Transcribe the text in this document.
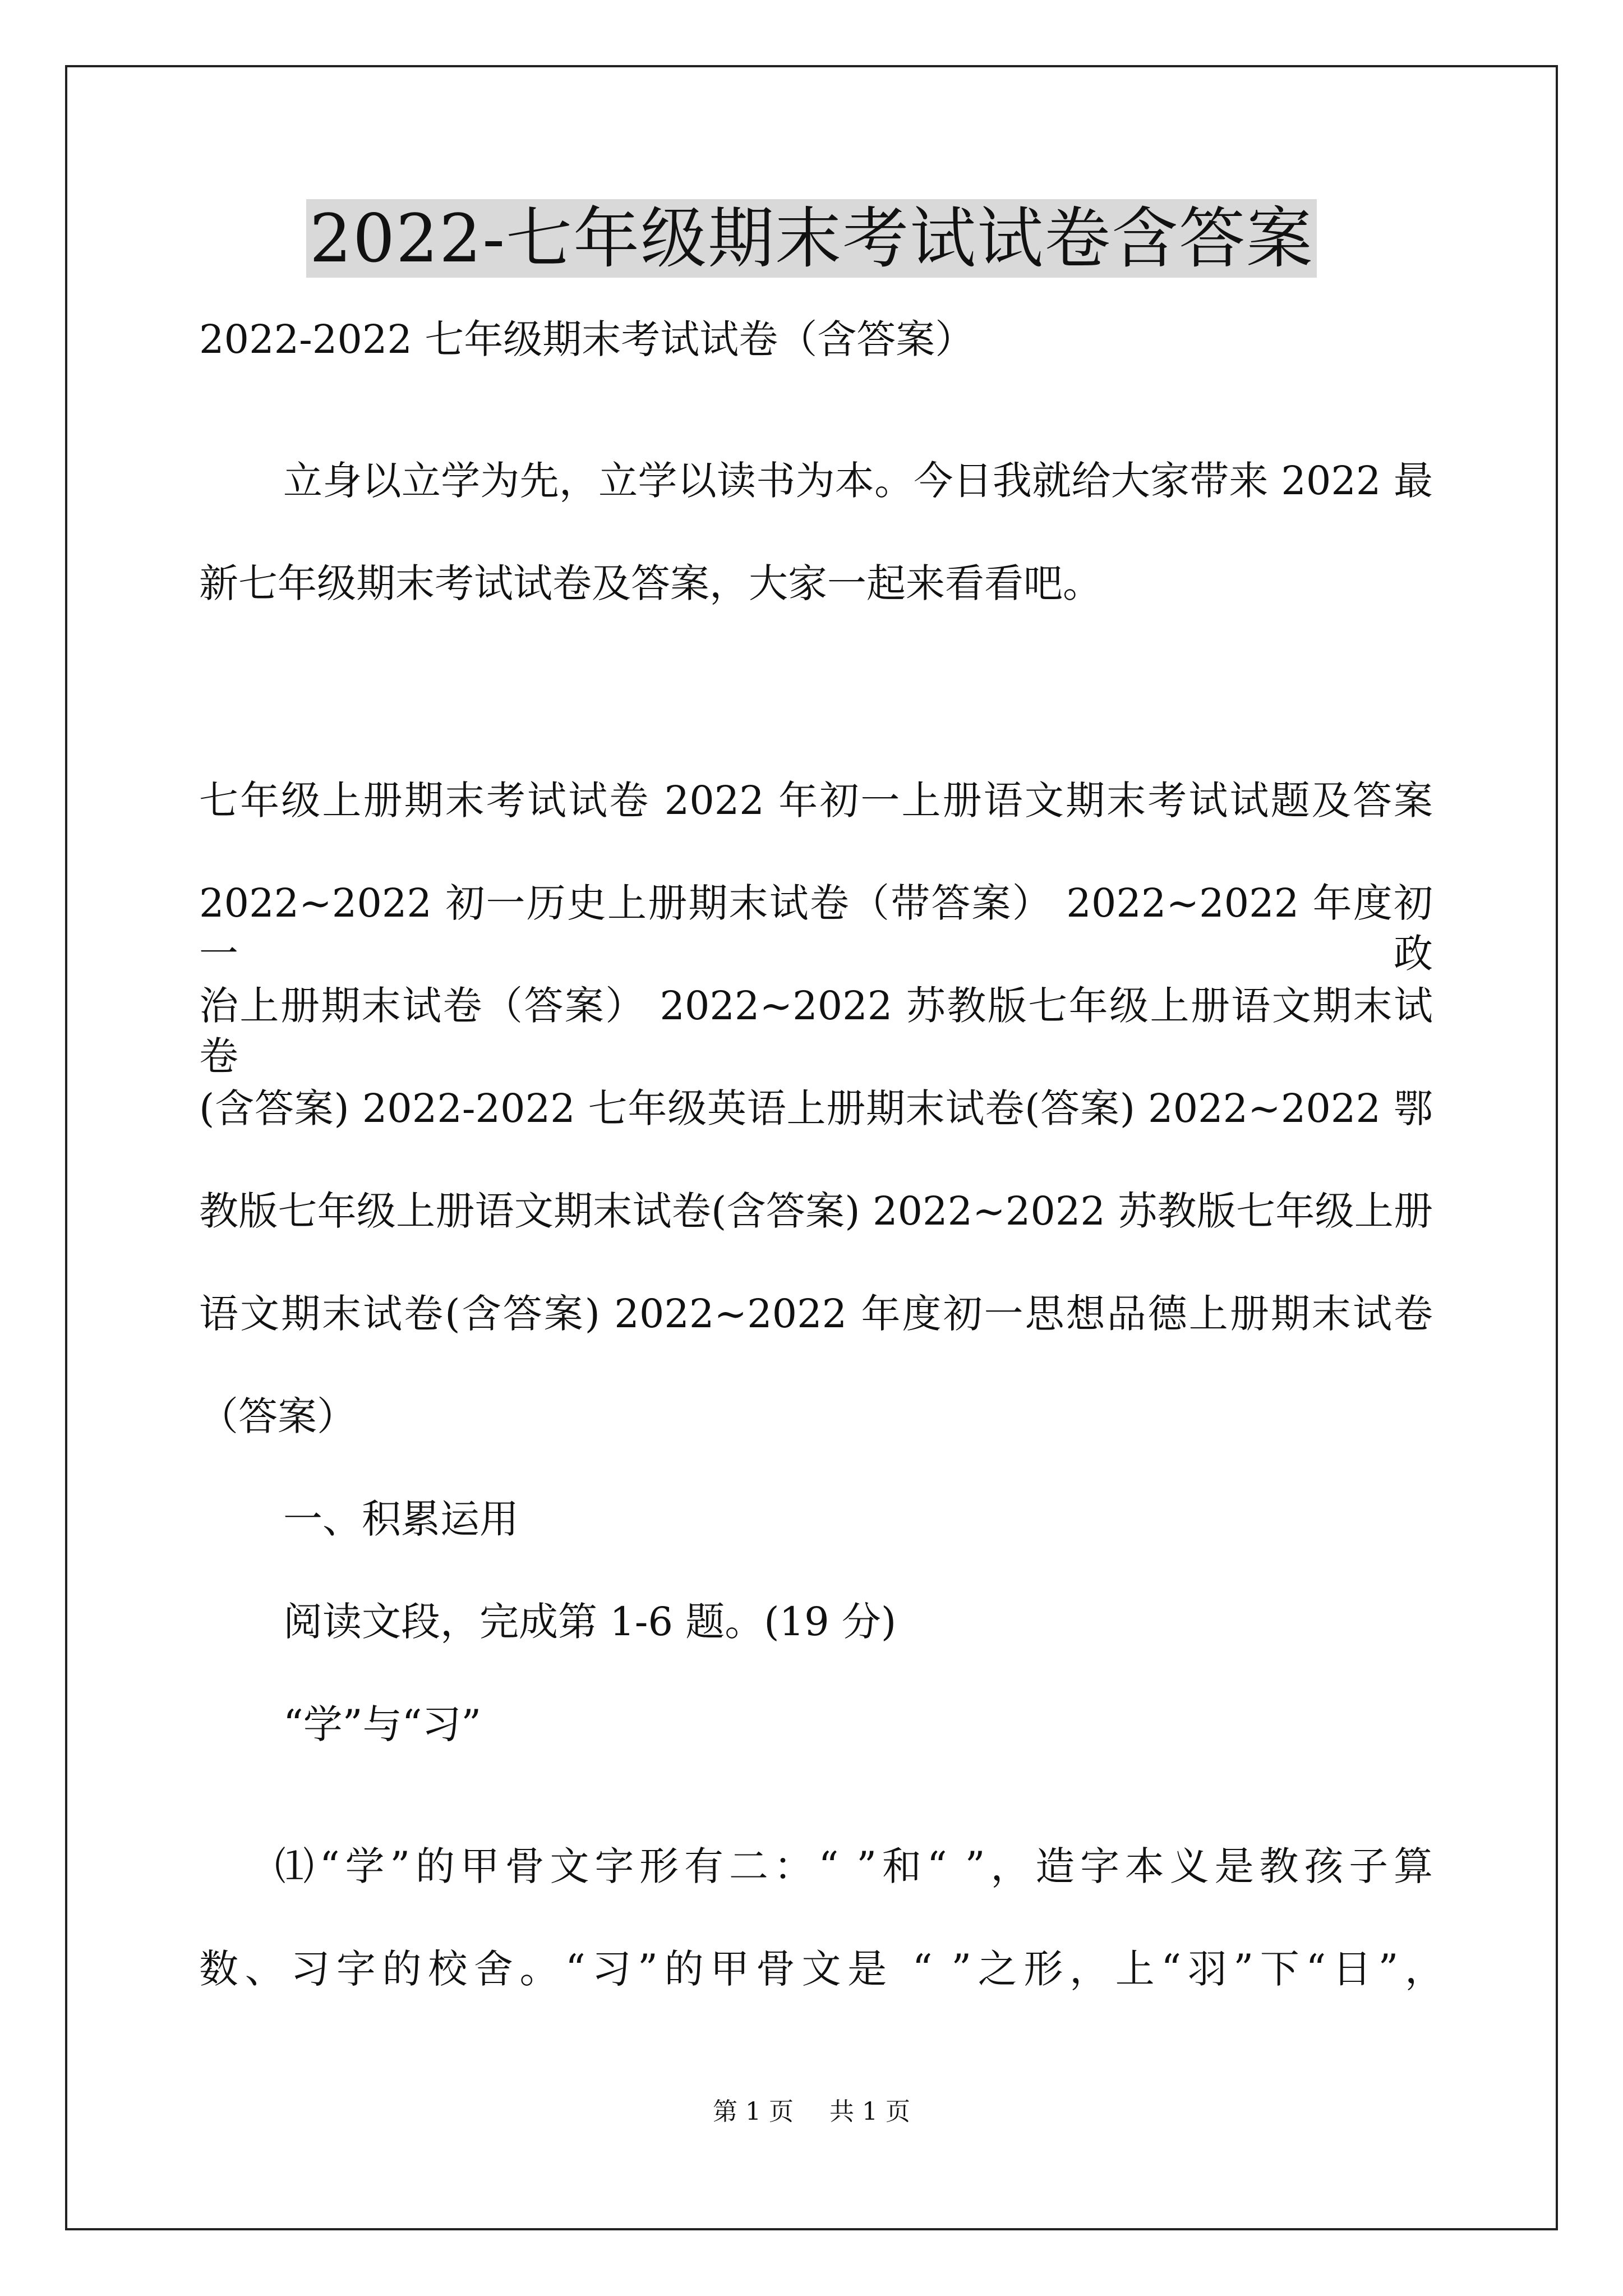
2022-七年级期末考试试卷含答案

2022-2022 七年级期末考试试卷（含答案）

立身以立学为先，立学以读书为本。今日我就给大家带来 2022 最

新七年级期末考试试卷及答案，大家一起来看看吧。

七年级上册期末考试试卷 2022 年初一上册语文期末考试试题及答案

2022~2022 初一历史上册期末试卷（带答案） 2022~2022 年度初一政

治上册期末试卷（答案） 2022~2022 苏教版七年级上册语文期末试卷

(含答案) 2022-2022 七年级英语上册期末试卷(答案) 2022~2022 鄂

教版七年级上册语文期末试卷(含答案) 2022~2022 苏教版七年级上册

语文期末试卷(含答案) 2022~2022 年度初一思想品德上册期末试卷

（答案）

一、积累运用

阅读文段，完成第 1-6 题。(19 分)

“学”与“习”

⑴“学”的甲骨文字形有二：“ ”和“ ”，造字本义是教孩子算

数、习字的校舍。“习”的甲骨文是 “ ”之形，上“羽”下“日”，

第 1 页 共 1 页
